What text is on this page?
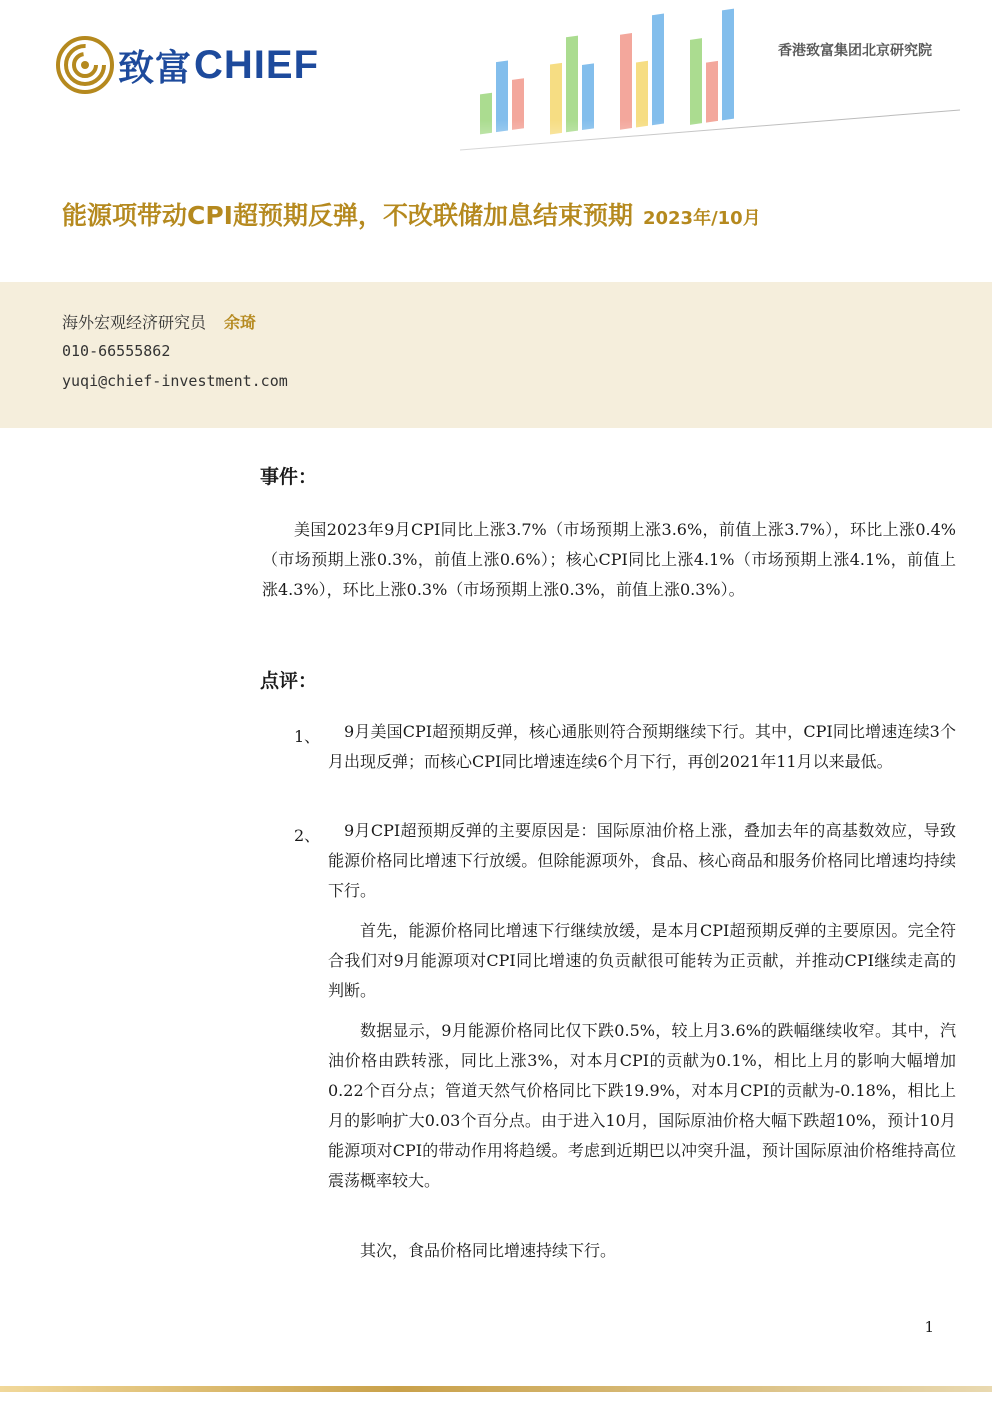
致富 CHIEF	香港致富集团北京研究院
能源项带动CPI超预期反弹，不改联储加息结束预期 2023年/10月
海外宏观经济研究员 余琦
010-66555862
yuqi@chief-investment.com
事件：

美国2023年9月CPI同比上涨3.7%（市场预期上涨3.6%，前值上涨3.7%），环比上涨0.4%（市场预期上涨0.3%，前值上涨0.6%）；核心CPI同比上涨4.1%（市场预期上涨4.1%，前值上涨4.3%），环比上涨0.3%（市场预期上涨0.3%，前值上涨0.3%）。

点评：
1、	9月美国CPI超预期反弹，核心通胀则符合预期继续下行。其中，CPI同比增速连续3个月出现反弹；而核心CPI同比增速连续6个月下行，再创2021年11月以来最低。

2、	9月CPI超预期反弹的主要原因是：国际原油价格上涨，叠加去年的高基数效应，导致能源价格同比增速下行放缓。但除能源项外，食品、核心商品和服务价格同比增速均持续下行。

首先，能源价格同比增速下行继续放缓，是本月CPI超预期反弹的主要原因。完全符合我们对9月能源项对CPI同比增速的负贡献很可能转为正贡献，并推动CPI继续走高的判断。

数据显示，9月能源价格同比仅下跌0.5%，较上月3.6%的跌幅继续收窄。其中，汽油价格由跌转涨，同比上涨3%，对本月CPI的贡献为0.1%，相比上月的影响大幅增加0.22个百分点；管道天然气价格同比下跌19.9%，对本月CPI的贡献为-0.18%，相比上月的影响扩大0.03个百分点。由于进入10月，国际原油价格大幅下跌超10%，预计10月能源项对CPI的带动作用将趋缓。考虑到近期巴以冲突升温，预计国际原油价格维持高位震荡概率较大。

其次，食品价格同比增速持续下行。

1
